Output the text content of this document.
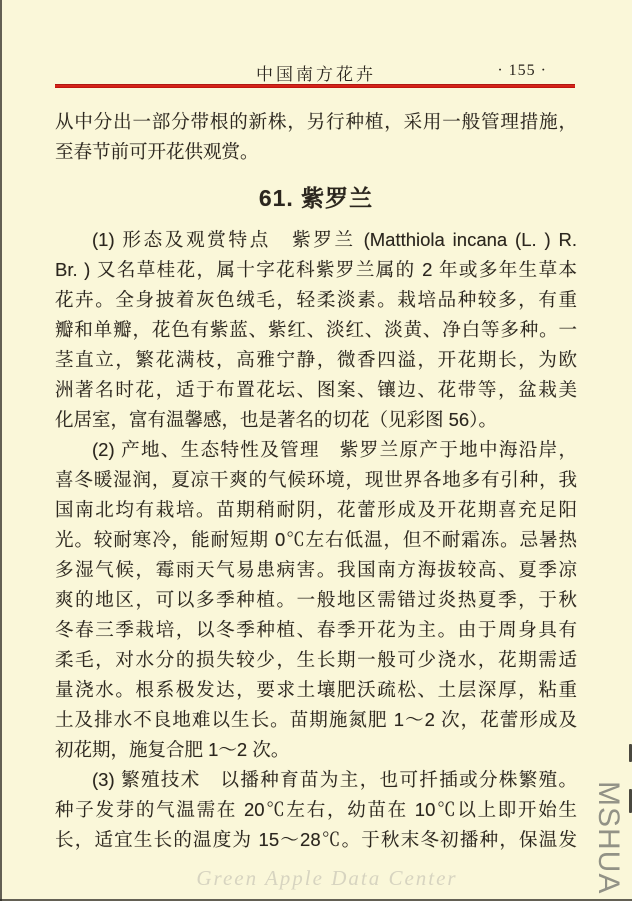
中国南方花卉	· 155 ·
从中分出一部分带根的新株，另行种植，采用一般管理措施，
至春节前可开花供观赏。
61. 紫罗兰
(1) 形态及观赏特点　紫罗兰 (Matthiola incana (L. ) R.
Br. ) 又名草桂花，属十字花科紫罗兰属的 2 年或多年生草本
花卉。全身披着灰色绒毛，轻柔淡素。栽培品种较多，有重
瓣和单瓣，花色有紫蓝、紫红、淡红、淡黄、净白等多种。一
茎直立，繁花满枝，高雅宁静，微香四溢，开花期长，为欧
洲著名时花，适于布置花坛、图案、镶边、花带等，盆栽美
化居室，富有温馨感，也是著名的切花（见彩图 56）。
(2) 产地、生态特性及管理　紫罗兰原产于地中海沿岸，
喜冬暖湿润，夏凉干爽的气候环境，现世界各地多有引种，我
国南北均有栽培。苗期稍耐阴，花蕾形成及开花期喜充足阳
光。较耐寒冷，能耐短期 0℃左右低温，但不耐霜冻。忌暑热
多湿气候，霉雨天气易患病害。我国南方海拔较高、夏季凉
爽的地区，可以多季种植。一般地区需错过炎热夏季，于秋
冬春三季栽培，以冬季种植、春季开花为主。由于周身具有
柔毛，对水分的损失较少，生长期一般可少浇水，花期需适
量浇水。根系极发达，要求土壤肥沃疏松、土层深厚，粘重
土及排水不良地难以生长。苗期施氮肥 1～2 次，花蕾形成及
初花期，施复合肥 1～2 次。
(3) 繁殖技术　以播种育苗为主，也可扦插或分株繁殖。
种子发芽的气温需在 20℃左右，幼苗在 10℃以上即开始生
长，适宜生长的温度为 15～28℃。于秋末冬初播种，保温发
Green Apple Data Center	MSHUA
